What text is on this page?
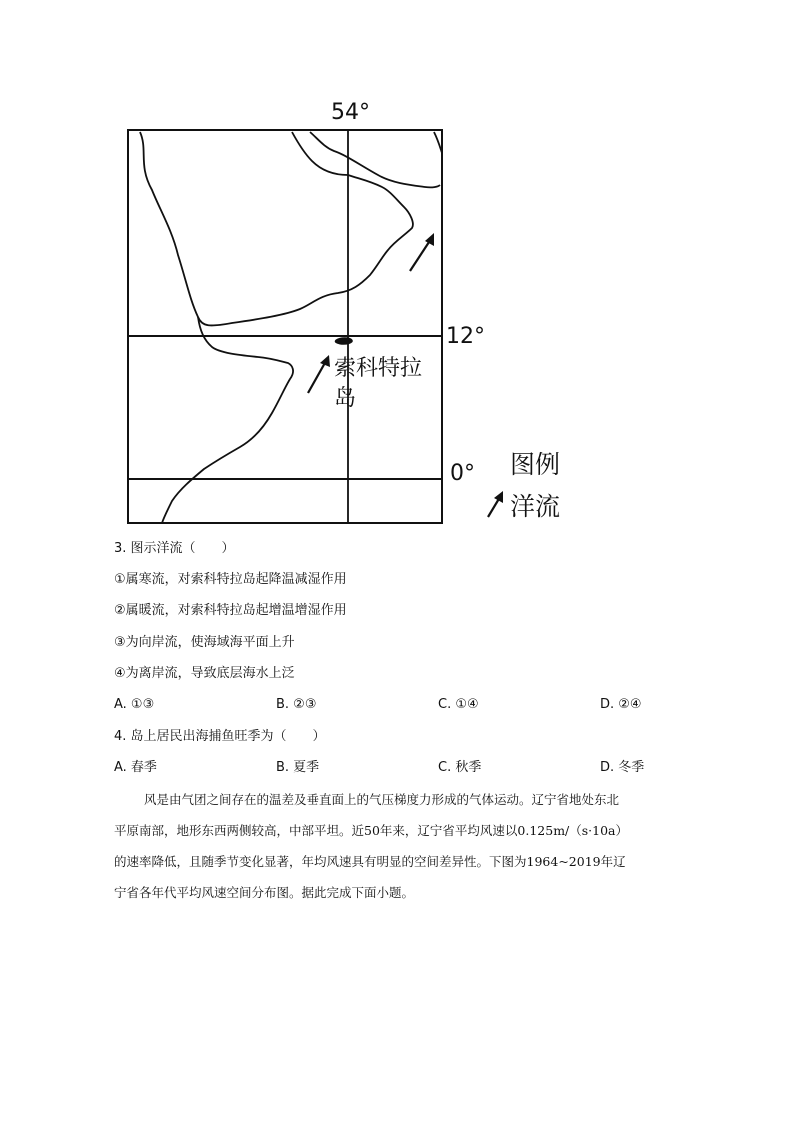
54°
12°
0°
索科特拉岛
图例
洋流
3. 图示洋流（　　）
①属寒流，对索科特拉岛起降温减湿作用
②属暖流，对索科特拉岛起增温增湿作用
③为向岸流，使海域海平面上升
④为离岸流，导致底层海水上泛
A. ①③	B. ②③	C. ①④	D. ②④
4. 岛上居民出海捕鱼旺季为（　　）
A. 春季	B. 夏季	C. 秋季	D. 冬季
风是由气团之间存在的温差及垂直面上的气压梯度力形成的气体运动。辽宁省地处东北
平原南部，地形东西两侧较高，中部平坦。近50年来，辽宁省平均风速以0.125m/（s·10a）
的速率降低，且随季节变化显著，年均风速具有明显的空间差异性。下图为1964~2019年辽
宁省各年代平均风速空间分布图。据此完成下面小题。
